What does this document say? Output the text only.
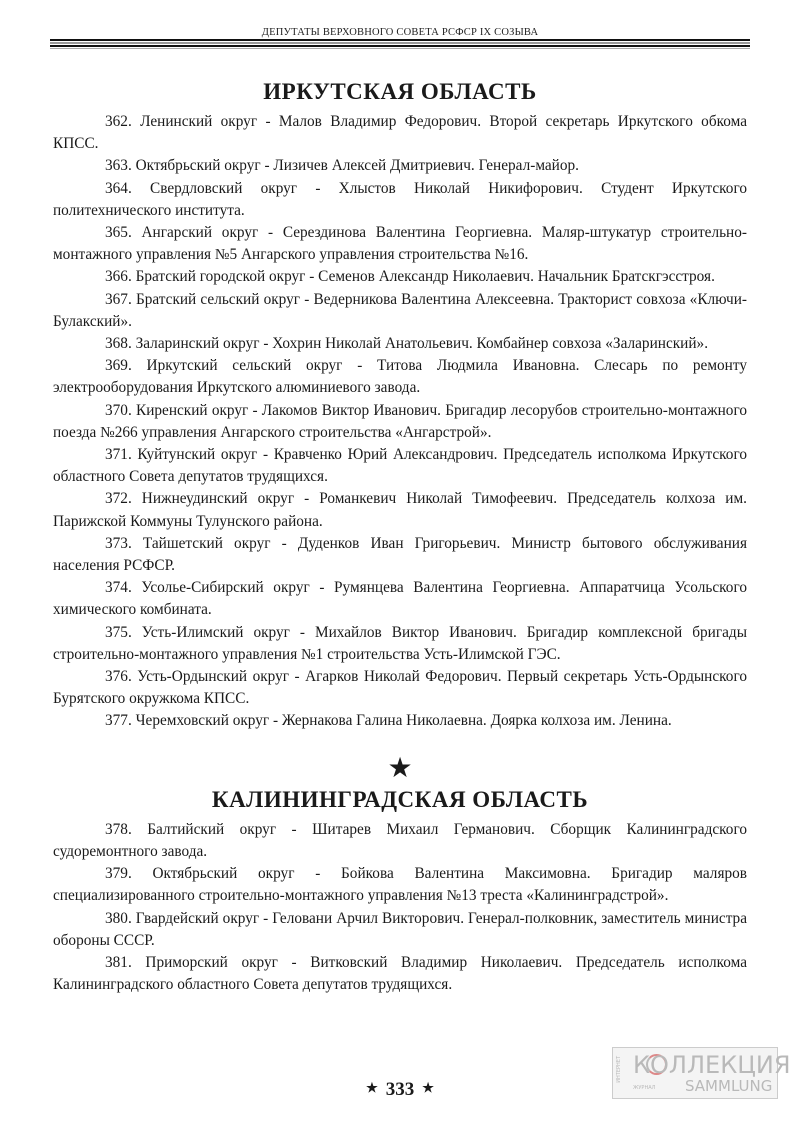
ДЕПУТАТЫ ВЕРХОВНОГО СОВЕТА РСФСР IX СОЗЫВА
ИРКУТСКАЯ ОБЛАСТЬ

362. Ленинский округ - Малов Владимир Федорович. Второй секретарь Иркутского обкома КПСС.

363. Октябрьский округ - Лизичев Алексей Дмитриевич. Генерал-майор.

364. Свердловский округ - Хлыстов Николай Никифорович. Студент Иркутского политехнического института.

365. Ангарский округ - Серездинова Валентина Георгиевна. Маляр-штукатур строительно-монтажного управления №5 Ангарского управления строительства №16.

366. Братский городской округ - Семенов Александр Николаевич. Начальник Братскгэсстроя.

367. Братский сельский округ - Ведерникова Валентина Алексеевна. Тракторист совхоза «Ключи-Булакский».

368. Заларинский округ - Хохрин Николай Анатольевич. Комбайнер совхоза «Заларинский».

369. Иркутский сельский округ - Титова Людмила Ивановна. Слесарь по ремонту электрооборудования Иркутского алюминиевого завода.

370. Киренский округ - Лакомов Виктор Иванович. Бригадир лесорубов строительно-монтажного поезда №266 управления Ангарского строительства «Ангарстрой».

371. Куйтунский округ - Кравченко Юрий Александрович. Председатель исполкома Иркутского областного Совета депутатов трудящихся.

372. Нижнеудинский округ - Романкевич Николай Тимофеевич. Председатель колхоза им. Парижской Коммуны Тулунского района.

373. Тайшетский округ - Дуденков Иван Григорьевич. Министр бытового обслуживания населения РСФСР.

374. Усолье-Сибирский округ - Румянцева Валентина Георгиевна. Аппаратчица Усольского химического комбината.

375. Усть-Илимский округ - Михайлов Виктор Иванович. Бригадир комплексной бригады строительно-монтажного управления №1 строительства Усть-Илимской ГЭС.

376. Усть-Ордынский округ - Агарков Николай Федорович. Первый секретарь Усть-Ордынского Бурятского окружкома КПСС.

377. Черемховский округ - Жернакова Галина Николаевна. Доярка колхоза им. Ленина.

★
КАЛИНИНГРАДСКАЯ ОБЛАСТЬ

378. Балтийский округ - Шитарев Михаил Германович. Сборщик Калининградского судоремонтного завода.

379. Октябрьский округ - Бойкова Валентина Максимовна. Бригадир маляров специализированного строительно-монтажного управления №13 треста «Калининградстрой».

380. Гвардейский округ - Геловани Арчил Викторович. Генерал-полковник, заместитель министра обороны СССР.

381. Приморский округ - Витковский Владимир Николаевич. Председатель исполкома Калининградского областного Совета депутатов трудящихся.

★ 333 ★
ИНТЕРНЕТ КОЛЛЕКЦИЯ
ЖУРНАЛ SAMMLUNG
